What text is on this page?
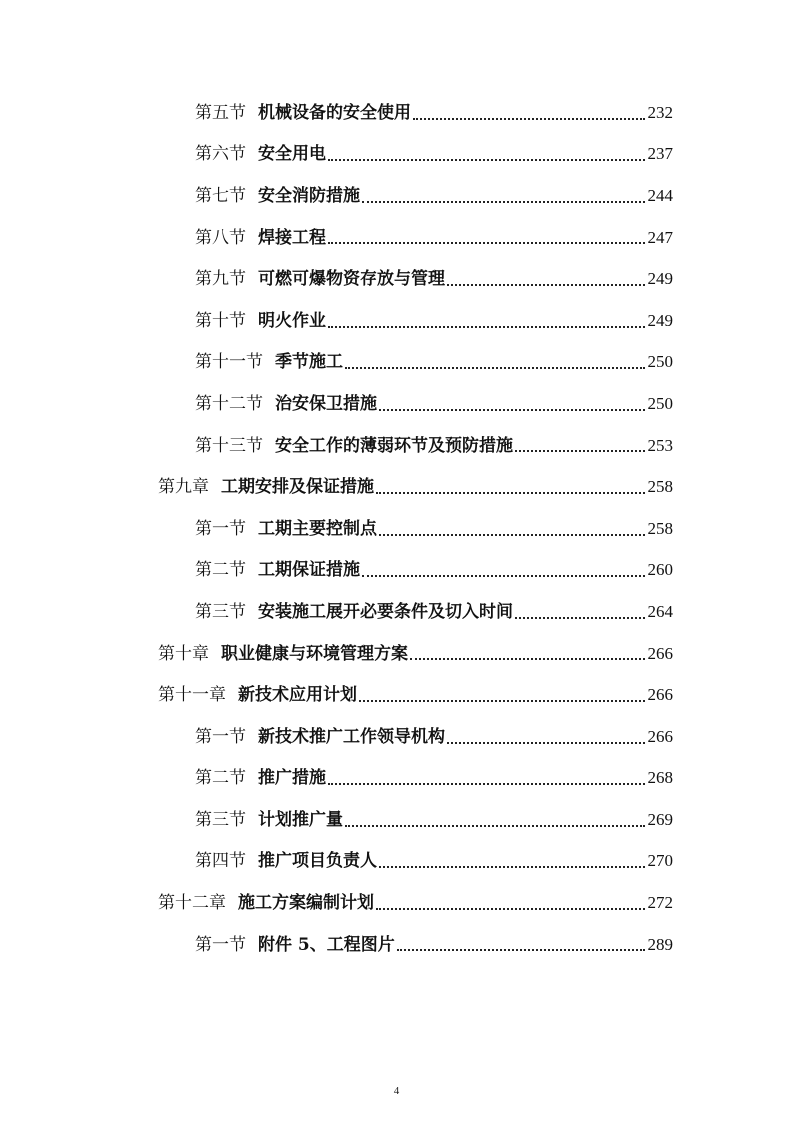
第五节 机械设备的安全使用	232
第六节 安全用电	237
第七节 安全消防措施	244
第八节 焊接工程	247
第九节 可燃可爆物资存放与管理	249
第十节 明火作业	249
第十一节 季节施工	250
第十二节 治安保卫措施	250
第十三节 安全工作的薄弱环节及预防措施	253
第九章 工期安排及保证措施	258
第一节 工期主要控制点	258
第二节 工期保证措施	260
第三节 安装施工展开必要条件及切入时间	264
第十章 职业健康与环境管理方案	266
第十一章 新技术应用计划	266
第一节 新技术推广工作领导机构	266
第二节 推广措施	268
第三节 计划推广量	269
第四节 推广项目负责人	270
第十二章 施工方案编制计划	272
第一节 附件 5、工程图片	289
4
